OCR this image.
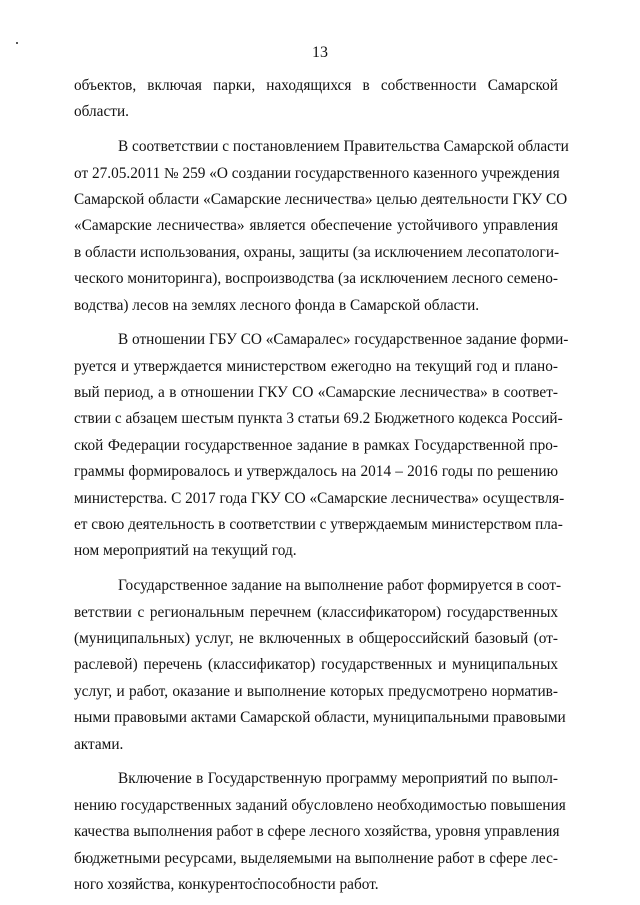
13
объектов, включая парки, находящихся в собственности Самарской
области.
В соответствии с постановлением Правительства Самарской области
от 27.05.2011 № 259 «О создании государственного казенного учреждения
Самарской области «Самарские лесничества» целью деятельности ГКУ СО
«Самарские лесничества» является обеспечение устойчивого управления
в области использования, охраны, защиты (за исключением лесопатологи-
ческого мониторинга), воспроизводства (за исключением лесного семено-
водства) лесов на землях лесного фонда в Самарской области.
В отношении ГБУ СО «Самаралес» государственное задание форми-
руется и утверждается министерством ежегодно на текущий год и плано-
вый период, а в отношении ГКУ СО «Самарские лесничества» в соответ-
ствии с абзацем шестым пункта 3 статьи 69.2 Бюджетного кодекса Россий-
ской Федерации государственное задание в рамках Государственной про-
граммы формировалось и утверждалось на 2014 – 2016 годы по решению
министерства. С 2017 года ГКУ СО «Самарские лесничества» осуществля-
ет свою деятельность в соответствии с утверждаемым министерством пла-
ном мероприятий на текущий год.
Государственное задание на выполнение работ формируется в соот-
ветствии с региональным перечнем (классификатором) государственных
(муниципальных) услуг, не включенных в общероссийский базовый (от-
раслевой) перечень (классификатор) государственных и муниципальных
услуг, и работ, оказание и выполнение которых предусмотрено норматив-
ными правовыми актами Самарской области, муниципальными правовыми
актами.
Включение в Государственную программу мероприятий по выпол-
нению государственных заданий обусловлено необходимостью повышения
качества выполнения работ в сфере лесного хозяйства, уровня управления
бюджетными ресурсами, выделяемыми на выполнение работ в сфере лес-
ного хозяйства, конкурентоспособности работ.
